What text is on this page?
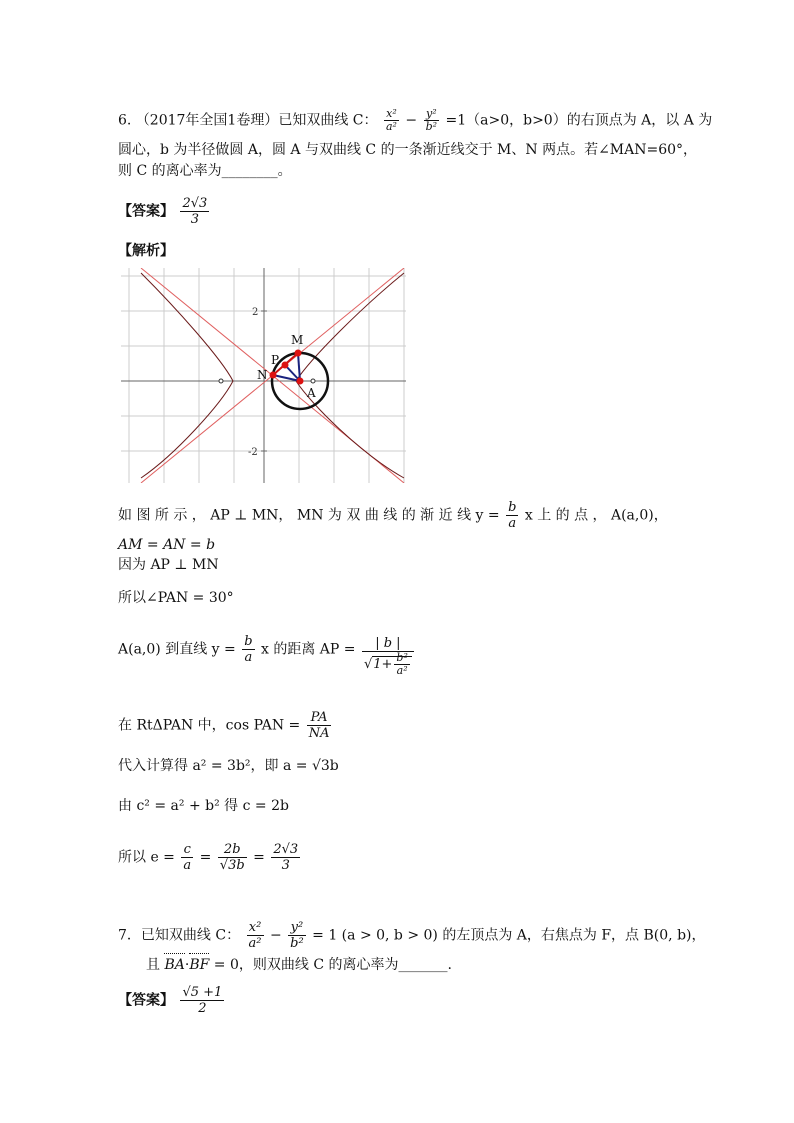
6. （2017年全国1卷理）已知双曲线 C： $\frac{\text{x²}}{\text{a²}} - \frac{\text{y²}}{\text{b²}} =1(a>0$，b>0）的右顶点为 A，以 A 为
圆心，b 为半径做圆 A，圆 A 与双曲线 C 的一条渐近线交于 M、N 两点。若∠MAN=60°，
则 C 的离心率为________。
【答案】 $\frac{2√3}{3}$
【解析】
2
-2
M
P
N
A
如 图 所 示 ， AP ⊥ MN， MN 为 双 曲 线 的 渐 近 线 $y = \frac{b}{a}$ x 上 的 点 ， A(a,0)，
AM = AN = b
因为 AP ⊥ MN
所以∠PAN = 30°
A(a,0) 到直线 $y = \frac{b}{a}$ x 的距离 AP = $\frac{| b |}{√1+ \frac{\text{b²}}{\text{a²}}}$
在 RtΔPAN 中，cos PAN = $\frac{PA}{NA}$
代入计算得 a² = 3b²，即 a = √3b
由 c² = a² + b² 得 c = 2b
所以 $e = \frac{c}{a} = \frac{2b}{√3b} = \frac{2√3}{3}$
7．已知双曲线 C： $\frac{\text{x²}}{\text{a²}} - \frac{\text{y²}}{\text{b²}} = 1$ (a > 0, b > 0) 的左顶点为 A，右焦点为 F，点 B(0, b)，
且 BA·BF = 0，则双曲线 C 的离心率为_______.
【答案】 $\frac{√5 +1}{2}$
